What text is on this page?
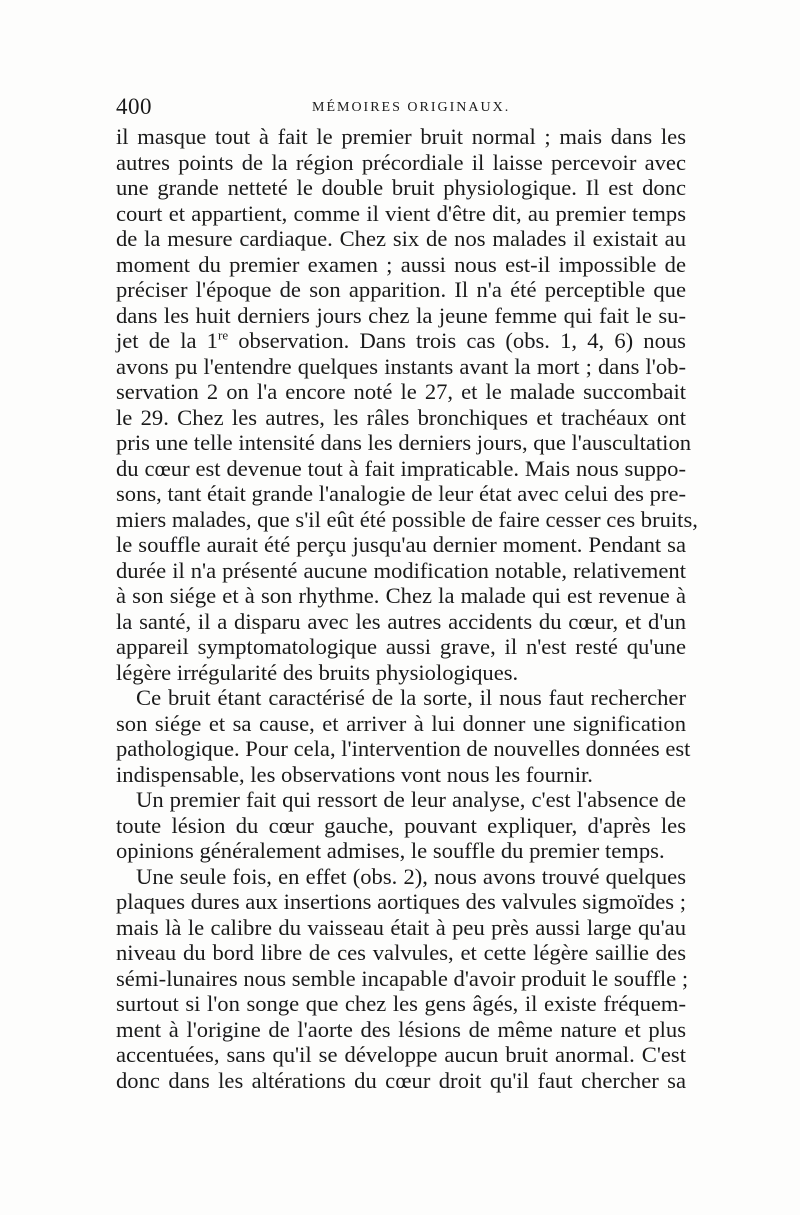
400	MÉMOIRES ORIGINAUX.
il masque tout à fait le premier bruit normal ; mais dans les
autres points de la région précordiale il laisse percevoir avec
une grande netteté le double bruit physiologique. Il est donc
court et appartient, comme il vient d'être dit, au premier temps
de la mesure cardiaque. Chez six de nos malades il existait au
moment du premier examen ; aussi nous est-il impossible de
préciser l'époque de son apparition. Il n'a été perceptible que
dans les huit derniers jours chez la jeune femme qui fait le su-
jet de la 1re observation. Dans trois cas (obs. 1, 4, 6) nous
avons pu l'entendre quelques instants avant la mort ; dans l'ob-
servation 2 on l'a encore noté le 27, et le malade succombait
le 29. Chez les autres, les râles bronchiques et trachéaux ont
pris une telle intensité dans les derniers jours, que l'auscultation
du cœur est devenue tout à fait impraticable. Mais nous suppo-
sons, tant était grande l'analogie de leur état avec celui des pre-
miers malades, que s'il eût été possible de faire cesser ces bruits,
le souffle aurait été perçu jusqu'au dernier moment. Pendant sa
durée il n'a présenté aucune modification notable, relativement
à son siége et à son rhythme. Chez la malade qui est revenue à
la santé, il a disparu avec les autres accidents du cœur, et d'un
appareil symptomatologique aussi grave, il n'est resté qu'une
légère irrégularité des bruits physiologiques.
Ce bruit étant caractérisé de la sorte, il nous faut rechercher
son siége et sa cause, et arriver à lui donner une signification
pathologique. Pour cela, l'intervention de nouvelles données est
indispensable, les observations vont nous les fournir.
Un premier fait qui ressort de leur analyse, c'est l'absence de
toute lésion du cœur gauche, pouvant expliquer, d'après les
opinions généralement admises, le souffle du premier temps.
Une seule fois, en effet (obs. 2), nous avons trouvé quelques
plaques dures aux insertions aortiques des valvules sigmoïdes ;
mais là le calibre du vaisseau était à peu près aussi large qu'au
niveau du bord libre de ces valvules, et cette légère saillie des
sémi-lunaires nous semble incapable d'avoir produit le souffle ;
surtout si l'on songe que chez les gens âgés, il existe fréquem-
ment à l'origine de l'aorte des lésions de même nature et plus
accentuées, sans qu'il se développe aucun bruit anormal. C'est
donc dans les altérations du cœur droit qu'il faut chercher sa
